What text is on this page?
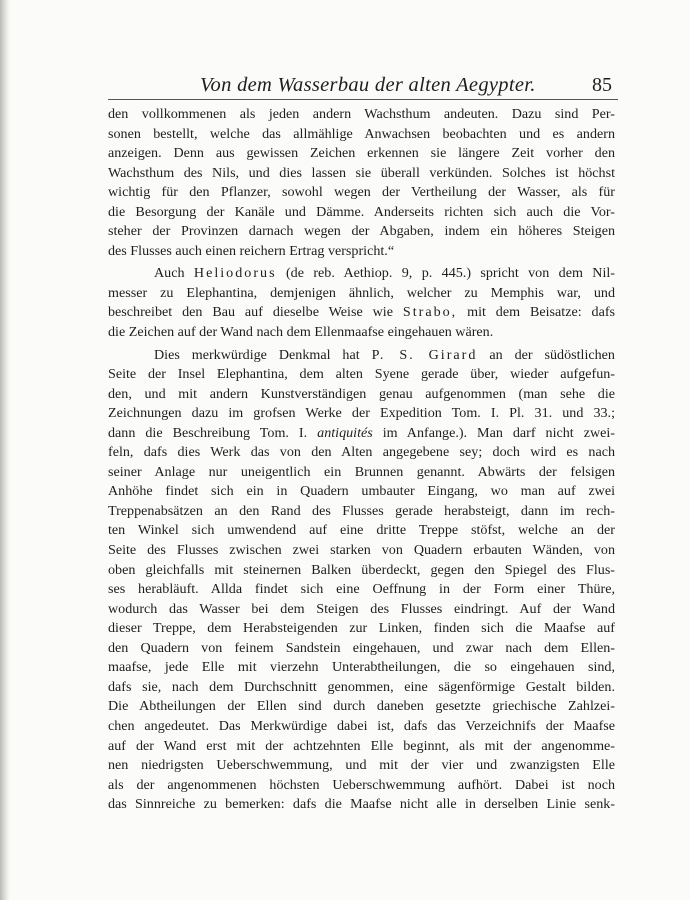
Von dem Wasserbau der alten Aegypter.	85

den vollkommenen als jeden andern Wachsthum andeuten. Dazu sind Per-
sonen bestellt, welche das allmählige Anwachsen beobachten und es andern
anzeigen. Denn aus gewissen Zeichen erkennen sie längere Zeit vorher den
Wachsthum des Nils, und dies lassen sie überall verkünden. Solches ist höchst
wichtig für den Pflanzer, sowohl wegen der Vertheilung der Wasser, als für
die Besorgung der Kanäle und Dämme. Anderseits richten sich auch die Vor-
steher der Provinzen darnach wegen der Abgaben, indem ein höheres Steigen
des Flusses auch einen reichern Ertrag verspricht.“

Auch Heliodorus (de reb. Aethiop. 9, p. 445.) spricht von dem Nil-
messer zu Elephantina, demjenigen ähnlich, welcher zu Memphis war, und
beschreibet den Bau auf dieselbe Weise wie Strabo, mit dem Beisatze: dafs
die Zeichen auf der Wand nach dem Ellenmaafse eingehauen wären.

Dies merkwürdige Denkmal hat P. S. Girard an der südöstlichen
Seite der Insel Elephantina, dem alten Syene gerade über, wieder aufgefun-
den, und mit andern Kunstverständigen genau aufgenommen (man sehe die
Zeichnungen dazu im grofsen Werke der Expedition Tom. I. Pl. 31. und 33.;
dann die Beschreibung Tom. I. antiquités im Anfange.). Man darf nicht zwei-
feln, dafs dies Werk das von den Alten angegebene sey; doch wird es nach
seiner Anlage nur uneigentlich ein Brunnen genannt. Abwärts der felsigen
Anhöhe findet sich ein in Quadern umbauter Eingang, wo man auf zwei
Treppenabsätzen an den Rand des Flusses gerade herabsteigt, dann im rech-
ten Winkel sich umwendend auf eine dritte Treppe stöfst, welche an der
Seite des Flusses zwischen zwei starken von Quadern erbauten Wänden, von
oben gleichfalls mit steinernen Balken überdeckt, gegen den Spiegel des Flus-
ses herabläuft. Allda findet sich eine Oeffnung in der Form einer Thüre,
wodurch das Wasser bei dem Steigen des Flusses eindringt. Auf der Wand
dieser Treppe, dem Herabsteigenden zur Linken, finden sich die Maafse auf
den Quadern von feinem Sandstein eingehauen, und zwar nach dem Ellen-
maafse, jede Elle mit vierzehn Unterabtheilungen, die so eingehauen sind,
dafs sie, nach dem Durchschnitt genommen, eine sägenförmige Gestalt bilden.
Die Abtheilungen der Ellen sind durch daneben gesetzte griechische Zahlzei-
chen angedeutet. Das Merkwürdige dabei ist, dafs das Verzeichnifs der Maafse
auf der Wand erst mit der achtzehnten Elle beginnt, als mit der angenomme-
nen niedrigsten Ueberschwemmung, und mit der vier und zwanzigsten Elle
als der angenommenen höchsten Ueberschwemmung aufhört. Dabei ist noch
das Sinnreiche zu bemerken: dafs die Maafse nicht alle in derselben Linie senk-
